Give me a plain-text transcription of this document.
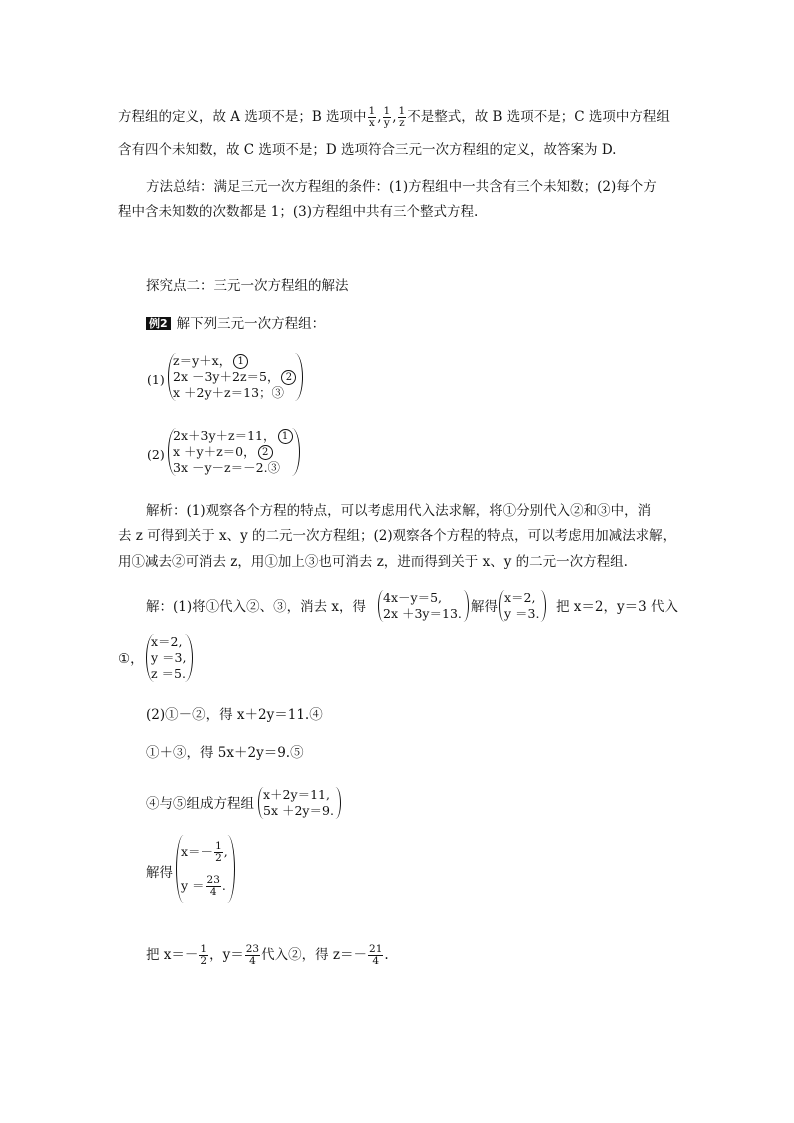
方程组的定义，故 A 选项不是；B 选项中 $\frac{1}{x}$ , $\frac{1}{y}$ , $\frac{1}{z}$ 不是整式，故 B 选项不是；C 选项中方程组
含有四个未知数，故 C 选项不是；D 选项符合三元一次方程组的定义，故答案为 D.
方法总结：满足三元一次方程组的条件：(1)方程组中一共含有三个未知数；(2)每个方
程中含未知数的次数都是 1；(3)方程组中共有三个整式方程.
探究点二：三元一次方程组的解法
例2 解下列三元一次方程组：
(1)
z＝y＋x， 1
2x －3y＋2z＝5， 2
x ＋2y＋z＝13；③
(2)
2x＋3y＋z＝11， 1
x ＋y＋z＝0， 2
3x －y－z＝－2.③
解析：(1)观察各个方程的特点，可以考虑用代入法求解，将①分别代入②和③中，消
去 z 可得到关于 x、y 的二元一次方程组；(2)观察各个方程的特点，可以考虑用加减法求解，
用①减去②可消去 z，用①加上③也可消去 z，进而得到关于 x、y 的二元一次方程组.
解：(1)将①代入②、③，消去 x，得
4x－y＝5,
2x ＋3y＝13. 解得
x＝2,
y ＝3. 把 x＝2，y＝3 代入
①，
x＝2,
y ＝3,
z ＝5.
(2)①－②，得 x＋2y＝11.④
①＋③，得 5x＋2y＝9.⑤
④与⑤组成方程组
x＋2y＝11,
5x ＋2y＝9.
解得
$x=- \frac{1}{2}$ ,
$y = \frac{23}{4}$ .
把 $x=- \frac{1}{2}$ ，$y= \frac{23}{4}$ 代入②，得 $z=- \frac{21}{4}$ .
